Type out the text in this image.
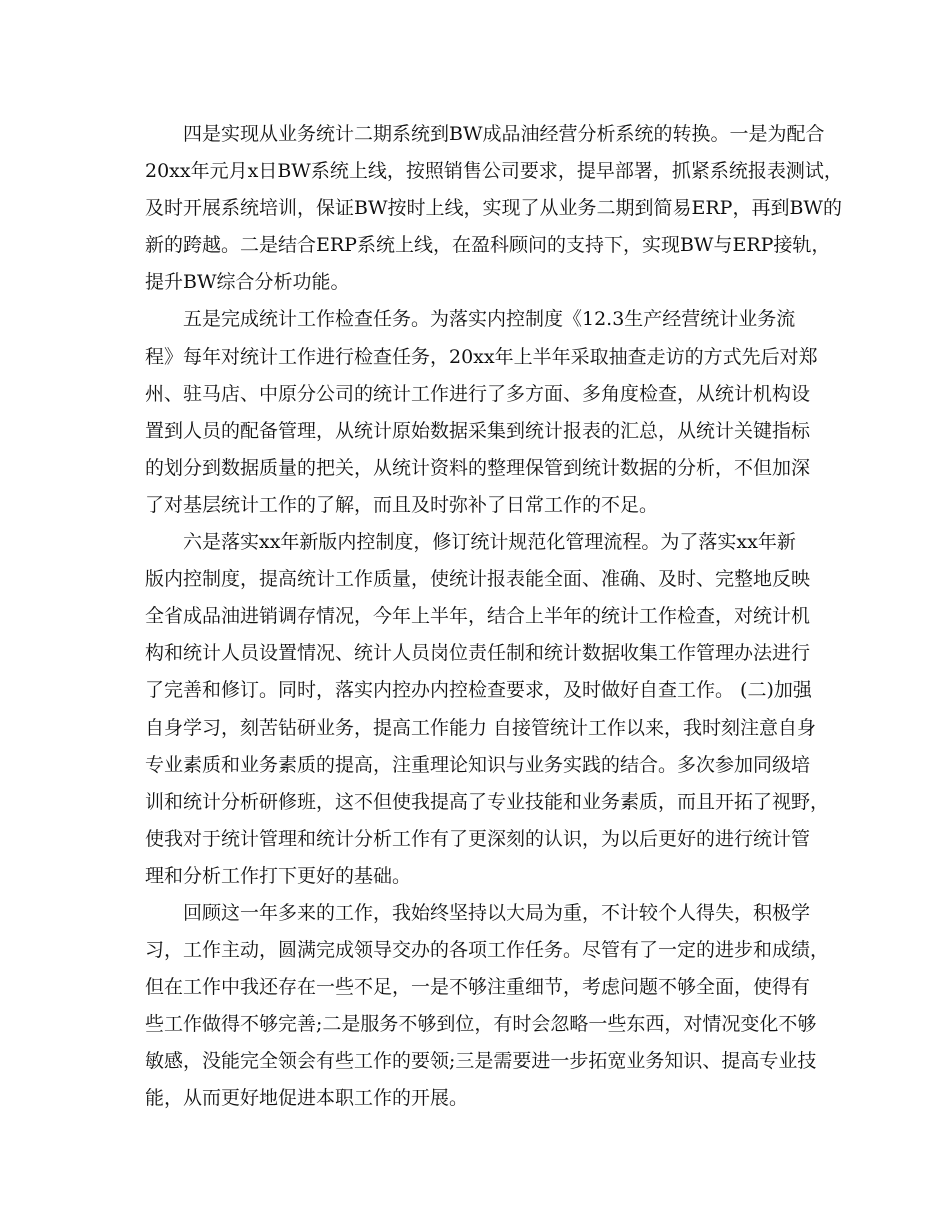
四是实现从业务统计二期系统到BW成品油经营分析系统的转换。一是为配合
20xx年元月x日BW系统上线，按照销售公司要求，提早部署，抓紧系统报表测试，
及时开展系统培训，保证BW按时上线，实现了从业务二期到简易ERP，再到BW的
新的跨越。二是结合ERP系统上线，在盈科顾问的支持下，实现BW与ERP接轨，
提升BW综合分析功能。
五是完成统计工作检查任务。为落实内控制度《12.3生产经营统计业务流
程》每年对统计工作进行检查任务，20xx年上半年采取抽查走访的方式先后对郑
州、驻马店、中原分公司的统计工作进行了多方面、多角度检查，从统计机构设
置到人员的配备管理，从统计原始数据采集到统计报表的汇总，从统计关键指标
的划分到数据质量的把关，从统计资料的整理保管到统计数据的分析，不但加深
了对基层统计工作的了解，而且及时弥补了日常工作的不足。
六是落实xx年新版内控制度，修订统计规范化管理流程。为了落实xx年新
版内控制度，提高统计工作质量，使统计报表能全面、准确、及时、完整地反映
全省成品油进销调存情况，今年上半年，结合上半年的统计工作检查，对统计机
构和统计人员设置情况、统计人员岗位责任制和统计数据收集工作管理办法进行
了完善和修订。同时，落实内控办内控检查要求，及时做好自查工作。 (二)加强
自身学习，刻苦钻研业务，提高工作能力 自接管统计工作以来，我时刻注意自身
专业素质和业务素质的提高，注重理论知识与业务实践的结合。多次参加同级培
训和统计分析研修班，这不但使我提高了专业技能和业务素质，而且开拓了视野，
使我对于统计管理和统计分析工作有了更深刻的认识，为以后更好的进行统计管
理和分析工作打下更好的基础。
回顾这一年多来的工作，我始终坚持以大局为重，不计较个人得失，积极学
习，工作主动，圆满完成领导交办的各项工作任务。尽管有了一定的进步和成绩，
但在工作中我还存在一些不足，一是不够注重细节，考虑问题不够全面，使得有
些工作做得不够完善;二是服务不够到位，有时会忽略一些东西，对情况变化不够
敏感，没能完全领会有些工作的要领;三是需要进一步拓宽业务知识、提高专业技
能，从而更好地促进本职工作的开展。
